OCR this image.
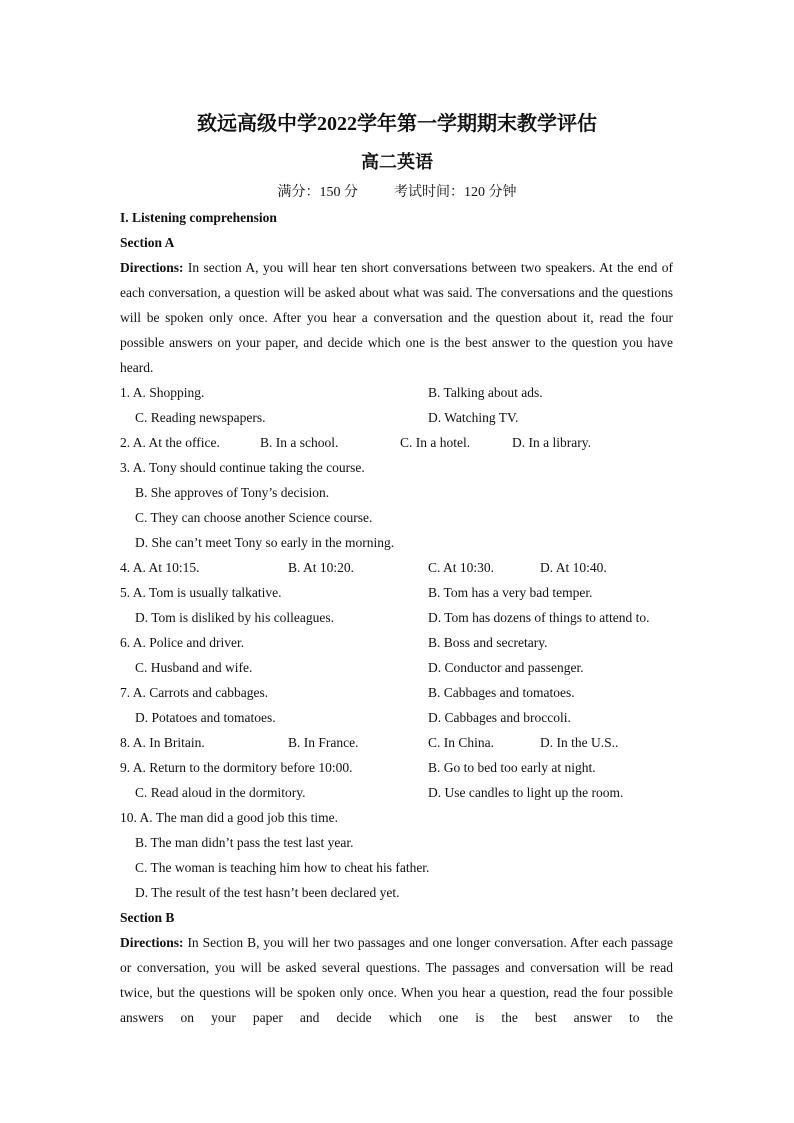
致远高级中学2022学年第一学期期末教学评估
高二英语
满分：150 分	考试时间：120 分钟
I. Listening comprehension
Section A
Directions: In section A, you will hear ten short conversations between two speakers. At the end of each conversation, a question will be asked about what was said. The conversations and the questions will be spoken only once. After you hear a conversation and the question about it, read the four possible answers on your paper, and decide which one is the best answer to the question you have heard.
1. A. Shopping.	B. Talking about ads.
C. Reading newspapers.	D. Watching TV.
2. A. At the office.	B. In a school.	C. In a hotel.	D. In a library.
3. A. Tony should continue taking the course.
B. She approves of Tony’s decision.
C. They can choose another Science course.
D. She can’t meet Tony so early in the morning.
4. A. At 10:15.	B. At 10:20.	C. At 10:30.	D. At 10:40.
5. A. Tom is usually talkative.	B. Tom has a very bad temper.
D. Tom is disliked by his colleagues.	D. Tom has dozens of things to attend to.
6. A. Police and driver.	B. Boss and secretary.
C. Husband and wife.	D. Conductor and passenger.
7. A. Carrots and cabbages.	B. Cabbages and tomatoes.
D. Potatoes and tomatoes.	D. Cabbages and broccoli.
8. A. In Britain.	B. In France.	C. In China.	D. In the U.S..
9. A. Return to the dormitory before 10:00.	B. Go to bed too early at night.
C. Read aloud in the dormitory.	D. Use candles to light up the room.
10. A. The man did a good job this time.
B. The man didn’t pass the test last year.
C. The woman is teaching him how to cheat his father.
D. The result of the test hasn’t been declared yet.
Section B
Directions: In Section B, you will her two passages and one longer conversation. After each passage or conversation, you will be asked several questions. The passages and conversation will be read twice, but the questions will be spoken only once. When you hear a question, read the four possible answers on your paper and decide which one is the best answer to the
